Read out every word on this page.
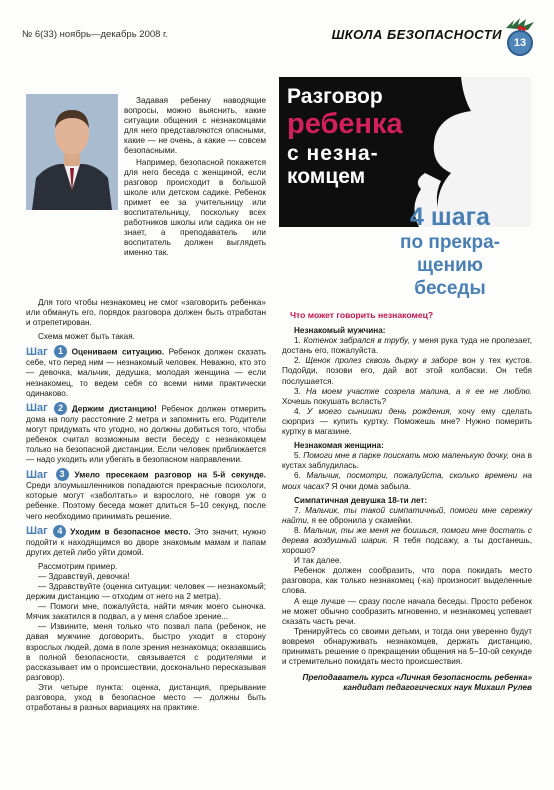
№ 6(33) ноябрь—декабрь 2008 г.	ШКОЛА БЕЗОПАСНОСТИ
13

Задавая ребенку наводящие вопросы, можно выяснить, какие ситуации общения с незнакомцами для него представляются опасными, какие — не очень, а какие — совсем безопасными.

Например, безопасной покажется для него беседа с женщиной, если разговор происходит в большой школе или детском садике. Ребенок примет ее за учительницу или воспитательницу, поскольку всех работников школы или садика он не знает, а преподаватель или воспитатель должен выглядеть именно так.

Для того чтобы незнакомец не смог «заговорить ребенка» или обмануть его, порядок разговора должен быть отработан и отрепетирован.

Схема может быть такая.

Шаг 1 Оцениваем ситуацию. Ребенок должен сказать себе, что перед ним — незнакомый человек. Неважно, кто это — девочка, мальчик, дедушка, молодая женщина — если незнакомец, то ведем себя со всеми ними практически одинаково.

Шаг 2 Держим дистанцию! Ребенок должен отмерить дома на полу расстояние 2 метра и запомнить его. Родители могут придумать что угодно, но должны добиться того, чтобы ребенок считал возможным вести беседу с незнакомцем только на безопасной дистанции. Если человек приближается — надо уходить или убегать в безопасном направлении.

Шаг 3 Умело пресекаем разговор на 5-й секунде. Среди злоумышленников попадаются прекрасные психологи, которые могут «заболтать» и взрослого, не говоря уж о ребенке. Поэтому беседа может длиться 5–10 секунд, после чего необходимо принимать решение.

Шаг 4 Уходим в безопасное место. Это значит, нужно подойти к находящимся во дворе знакомым мамам и папам других детей либо уйти домой.

Рассмотрим пример.

— Здравствуй, девочка!

— Здравствуйте (оценка ситуации: человек — незнакомый; держим дистанцию — отходим от него на 2 метра).

— Помоги мне, пожалуйста, найти мячик моего сыночка. Мячик закатился в подвал, а у меня слабое зрение...

— Извините, меня только что позвал папа (ребенок, не давая мужчине договорить, быстро уходит в сторону взрослых людей, дома в поле зрения незнакомца; оказавшись в полной безопасности, связывается с родителями и рассказывает им о происшествии, досконально пересказывая разговор).

Эти четыре пункта: оценка, дистанция, прерывание разговора, уход в безопасное место — должны быть отработаны в разных вариациях на практике.

Разговор
ребенка
с незна-
комцем
4 шага
по прекра-
щению
беседы
Что может говорить незнакомец?

Незнакомый мужчина:

1. Котенок забрался в трубу, у меня рука туда не пролезает, достань его, пожалуйста.

2. Щенок пролез сквозь дырку в заборе вон у тех кустов. Подойди, позови его, дай вот этой колбаски. Он тебя послушается.

3. На моем участке созрела малина, а я ее не люблю. Хочешь покушать всласть?

4. У моего сынишки день рождения, хочу ему сделать сюрприз — купить куртку. Поможешь мне? Нужно померить куртку в магазине.

Незнакомая женщина:

5. Помоги мне в парке поискать мою маленькую дочку, она в кустах заблудилась.

6. Мальчик, посмотри, пожалуйста, сколько времени на моих часах? Я очки дома забыла.

Симпатичная девушка 18-ти лет:

7. Мальчик, ты такой симпатичный, помоги мне сережку найти, я ее обронила у скамейки.

8. Мальчик, ты же меня не боишься, помоги мне достать с дерева воздушный шарик. Я тебя подсажу, а ты достанешь, хорошо?

И так далее.

Ребенок должен сообразить, что пора покидать место разговора, как только незнакомец (-ка) произносит выделенные слова.

А еще лучше — сразу после начала беседы. Просто ребенок не может обычно сообразить мгновенно, и незнакомец успевает сказать часть речи.

Тренируйтесь со своими детьми, и тогда они уверенно будут вовремя обнаруживать незнакомцев, держать дистанцию, принимать решение о прекращении общения на 5–10-ой секунде и стремительно покидать место происшествия.

Преподаватель курса «Личная безопасность ребенка»

кандидат педагогических наук Михаил Рулев
